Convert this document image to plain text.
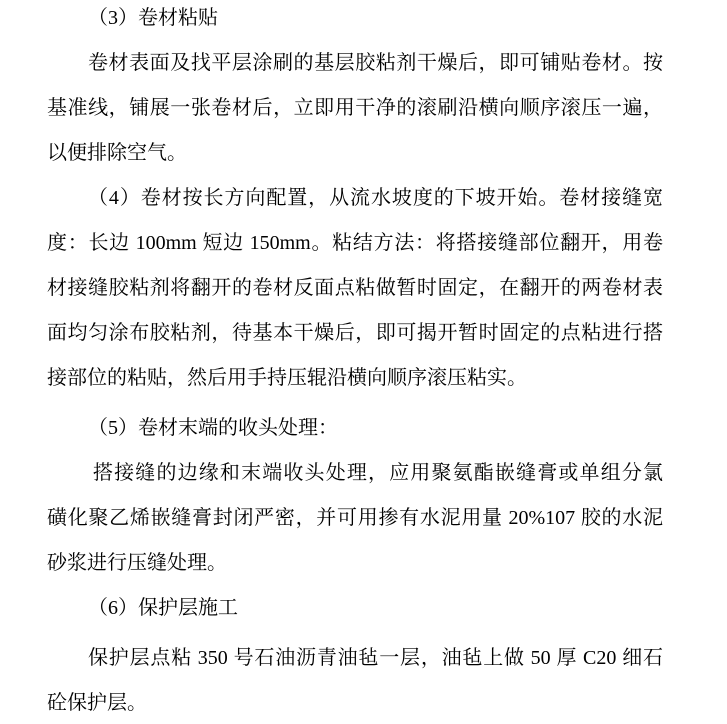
（3）卷材粘贴
卷材表面及找平层涂刷的基层胶粘剂干燥后，即可铺贴卷材。按
基准线，铺展一张卷材后，立即用干净的滚刷沿横向顺序滚压一遍，
以便排除空气。
（4）卷材按长方向配置，从流水坡度的下坡开始。卷材接缝宽
度：长边 100mm 短边 150mm。粘结方法：将搭接缝部位翻开，用卷
材接缝胶粘剂将翻开的卷材反面点粘做暂时固定，在翻开的两卷材表
面均匀涂布胶粘剂，待基本干燥后，即可揭开暂时固定的点粘进行搭
接部位的粘贴，然后用手持压辊沿横向顺序滚压粘实。
（5）卷材末端的收头处理：
搭接缝的边缘和末端收头处理，应用聚氨酯嵌缝膏或单组分氯
磺化聚乙烯嵌缝膏封闭严密，并可用掺有水泥用量 20%107 胶的水泥
砂浆进行压缝处理。
（6）保护层施工
保护层点粘 350 号石油沥青油毡一层，油毡上做 50 厚 C20 细石
砼保护层。
